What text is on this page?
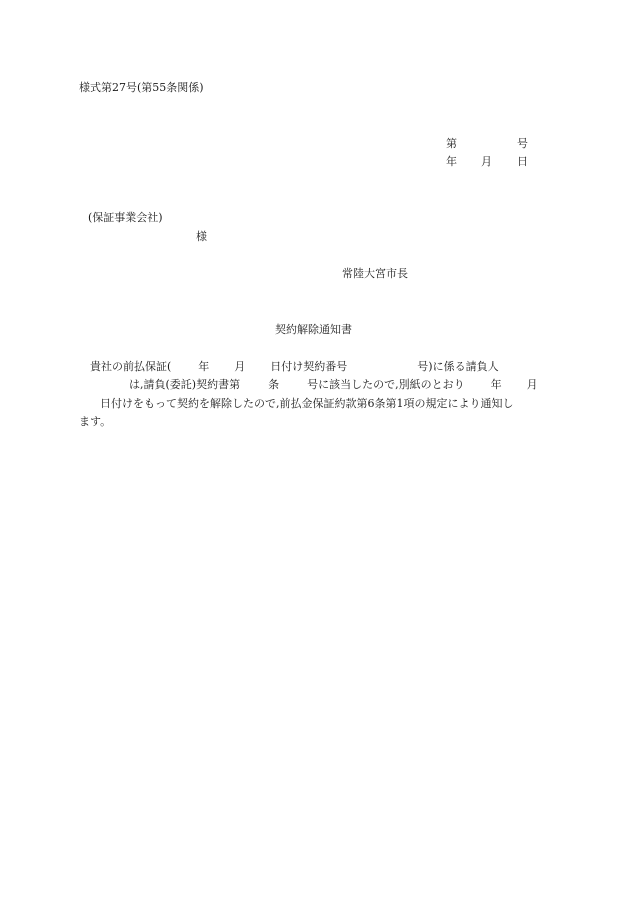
様式第27号(第55条関係)
第	号
年 月 日
(保証事業会社)
様
常陸大宮市長
契約解除通知書
貴社の前払保証( 年 月 日付け契約番号	号)に係る請負人
は,請負(委託)契約書第	条	号に該当したので,別紙のとおり 年 月
日付けをもって契約を解除したので,前払金保証約款第6条第1項の規定により通知し
ます。
